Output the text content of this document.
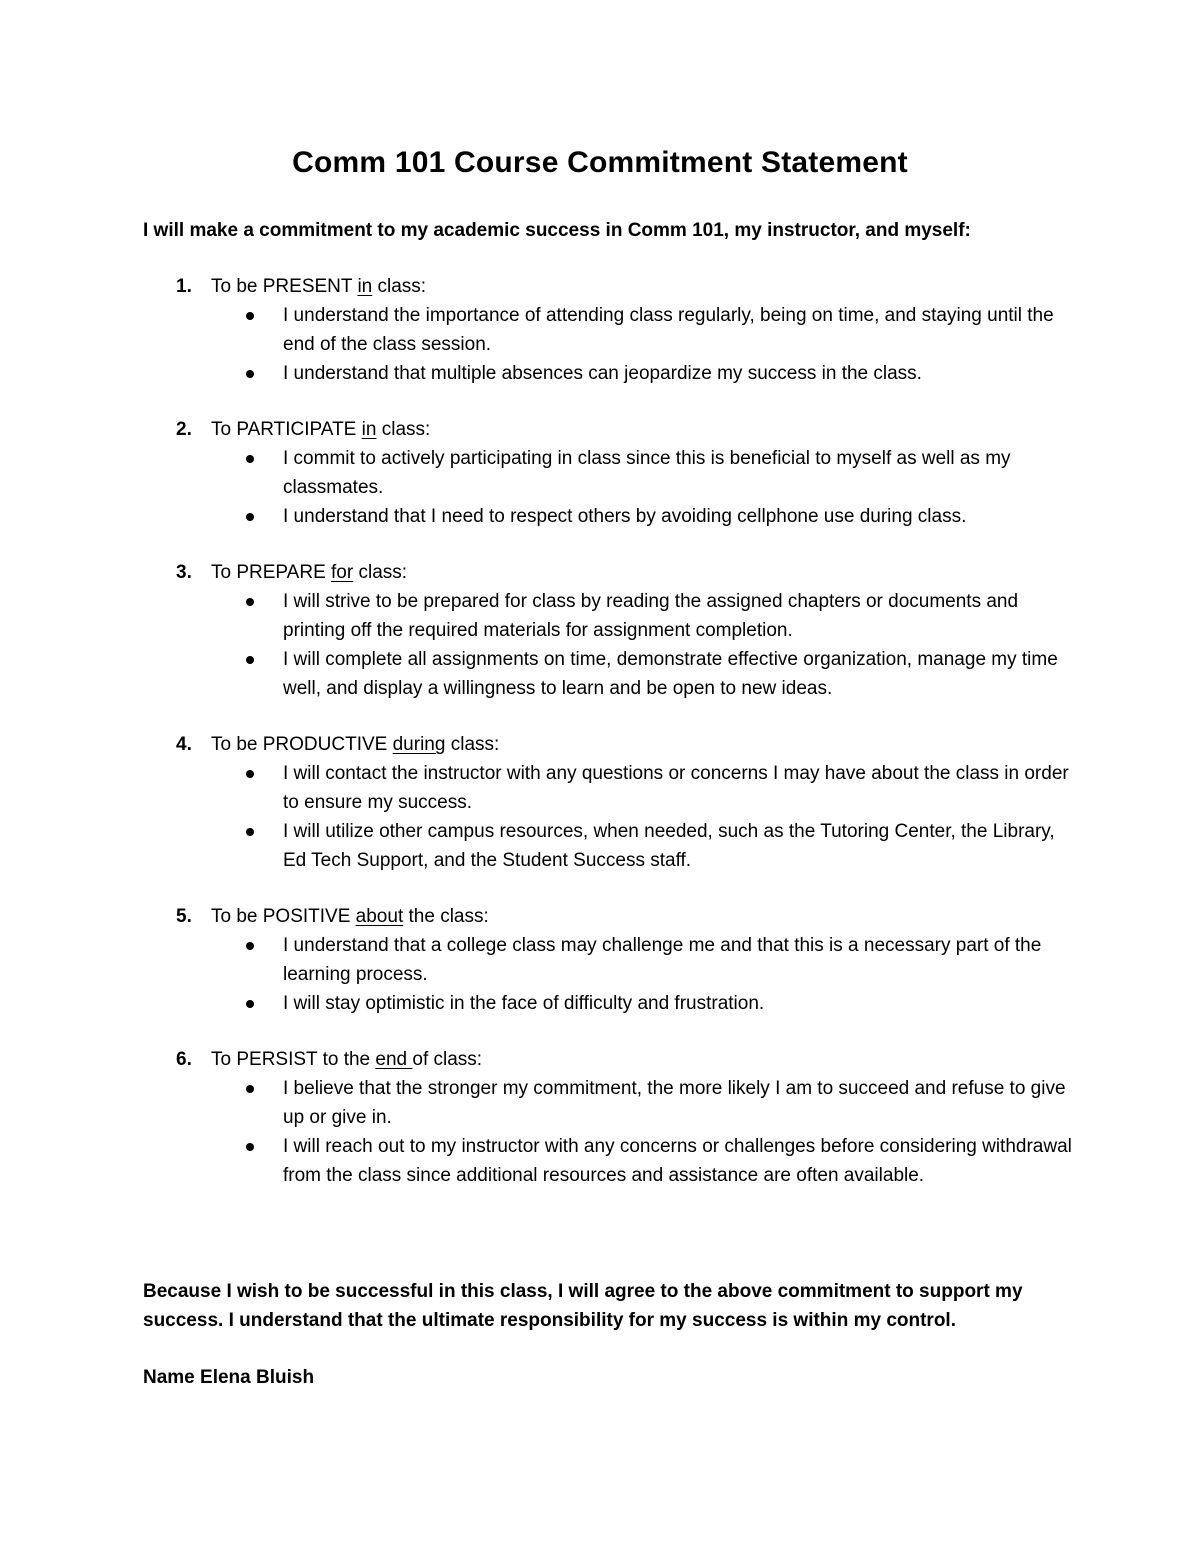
Comm 101 Course Commitment Statement
I will make a commitment to my academic success in Comm 101, my instructor, and myself:
1. To be PRESENT in class:
I understand the importance of attending class regularly, being on time, and staying until the end of the class session.
I understand that multiple absences can jeopardize my success in the class.
2. To PARTICIPATE in class:
I commit to actively participating in class since this is beneficial to myself as well as my classmates.
I understand that I need to respect others by avoiding cellphone use during class.
3. To PREPARE for class:
I will strive to be prepared for class by reading the assigned chapters or documents and printing off the required materials for assignment completion.
I will complete all assignments on time, demonstrate effective organization, manage my time well, and display a willingness to learn and be open to new ideas.
4. To be PRODUCTIVE during class:
I will contact the instructor with any questions or concerns I may have about the class in order to ensure my success.
I will utilize other campus resources, when needed, such as the Tutoring Center, the Library, Ed Tech Support, and the Student Success staff.
5. To be POSITIVE about the class:
I understand that a college class may challenge me and that this is a necessary part of the learning process.
I will stay optimistic in the face of difficulty and frustration.
6. To PERSIST to the end of class:
I believe that the stronger my commitment, the more likely I am to succeed and refuse to give up or give in.
I will reach out to my instructor with any concerns or challenges before considering withdrawal from the class since additional resources and assistance are often available.
Because I wish to be successful in this class, I will agree to the above commitment to support my success. I understand that the ultimate responsibility for my success is within my control.
Name Elena Bluish
